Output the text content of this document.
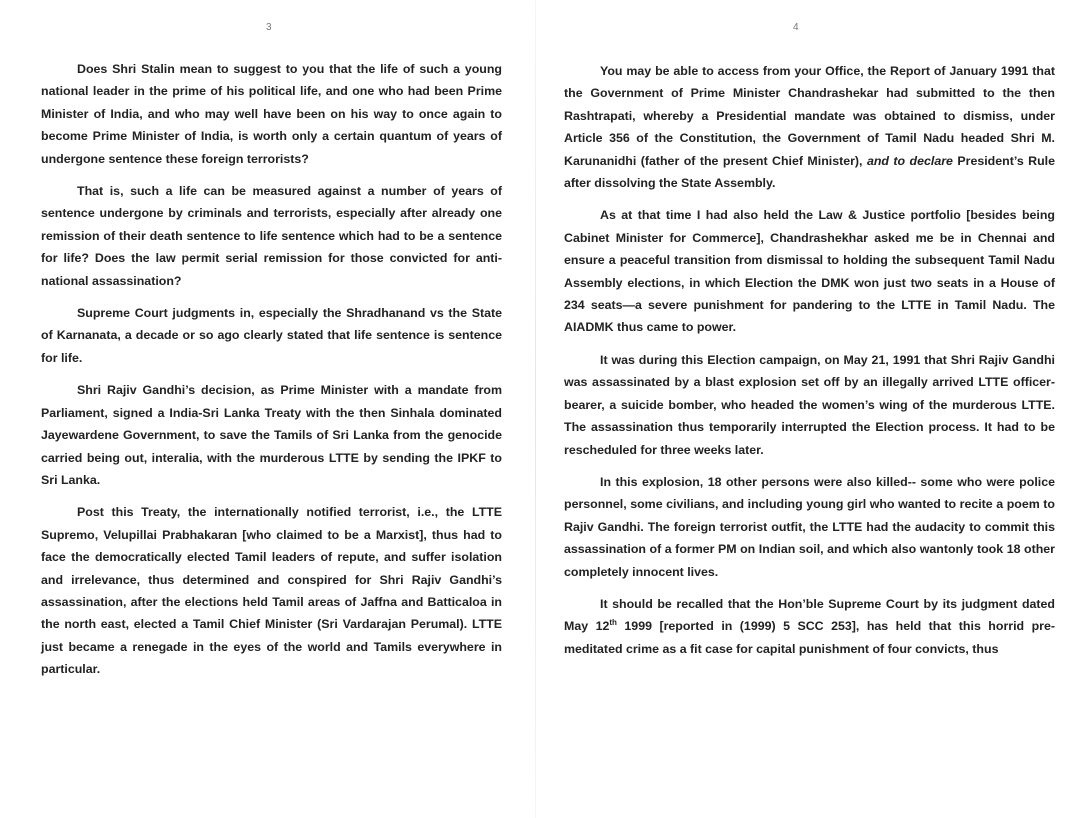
3

Does Shri Stalin mean to suggest to you that the life of such a young national leader in the prime of his political life, and one who had been Prime Minister of India, and who may well have been on his way to once again to become Prime Minister of India, is worth only a certain quantum of years of undergone sentence these foreign terrorists?

That is, such a life can be measured against a number of years of sentence undergone by criminals and terrorists, especially after already one remission of their death sentence to life sentence which had to be a sentence for life? Does the law permit serial remission for those convicted for anti-national assassination?

Supreme Court judgments in, especially the Shradhanand vs the State of Karnanata, a decade or so ago clearly stated that life sentence is sentence for life.

Shri Rajiv Gandhi’s decision, as Prime Minister with a mandate from Parliament, signed a India-Sri Lanka Treaty with the then Sinhala dominated Jayewardene Government, to save the Tamils of Sri Lanka from the genocide carried being out, interalia, with the murderous LTTE by sending the IPKF to Sri Lanka.

Post this Treaty, the internationally notified terrorist, i.e., the LTTE Supremo, Velupillai Prabhakaran [who claimed to be a Marxist], thus had to face the democratically elected Tamil leaders of repute, and suffer isolation and irrelevance, thus determined and conspired for Shri Rajiv Gandhi’s assassination, after the elections held Tamil areas of Jaffna and Batticaloa in the north east, elected a Tamil Chief Minister (Sri Vardarajan Perumal). LTTE just became a renegade in the eyes of the world and Tamils everywhere in particular.

4

You may be able to access from your Office, the Report of January 1991 that the Government of Prime Minister Chandrashekar had submitted to the then Rashtrapati, whereby a Presidential mandate was obtained to dismiss, under Article 356 of the Constitution, the Government of Tamil Nadu headed Shri M. Karunanidhi (father of the present Chief Minister), and to declare President’s Rule after dissolving the State Assembly.

As at that time I had also held the Law & Justice portfolio [besides being Cabinet Minister for Commerce], Chandrashekhar asked me be in Chennai and ensure a peaceful transition from dismissal to holding the subsequent Tamil Nadu Assembly elections, in which Election the DMK won just two seats in a House of 234 seats—a severe punishment for pandering to the LTTE in Tamil Nadu. The AIADMK thus came to power.

It was during this Election campaign, on May 21, 1991 that Shri Rajiv Gandhi was assassinated by a blast explosion set off by an illegally arrived LTTE officer-bearer, a suicide bomber, who headed the women’s wing of the murderous LTTE. The assassination thus temporarily interrupted the Election process. It had to be rescheduled for three weeks later.

In this explosion, 18 other persons were also killed-- some who were police personnel, some civilians, and including young girl who wanted to recite a poem to Rajiv Gandhi. The foreign terrorist outfit, the LTTE had the audacity to commit this assassination of a former PM on Indian soil, and which also wantonly took 18 other completely innocent lives.

It should be recalled that the Hon’ble Supreme Court by its judgment dated May 12th 1999 [reported in (1999) 5 SCC 253], has held that this horrid pre-meditated crime as a fit case for capital punishment of four convicts, thus
